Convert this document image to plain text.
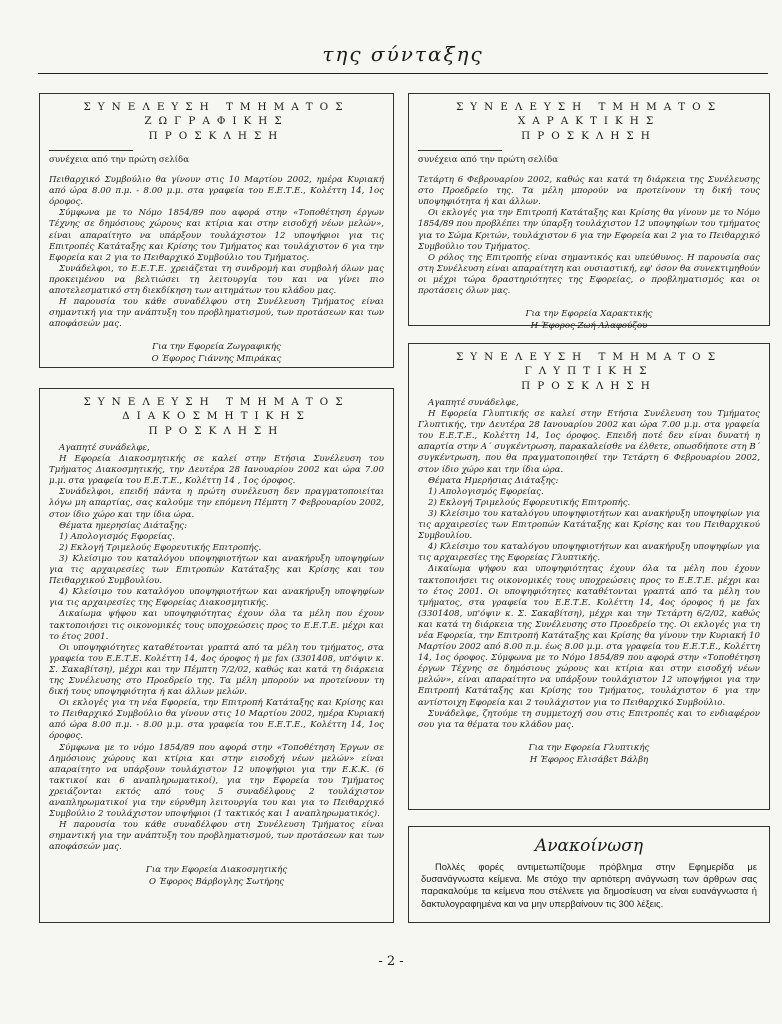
της σύνταξης
ΣΥΝΕΛΕΥΣΗ ΤΜΗΜΑΤΟΣ ΖΩΓΡΑΦΙΚΗΣ
ΠΡΟΣΚΛΗΣΗ
συνέχεια από την πρώτη σελίδα

Πειθαρχικό Συμβούλιο θα γίνουν στις 10 Μαρτίου 2002, ημέρα Κυριακή από ώρα 8.00 π.μ. - 8.00 μ.μ. στα γραφεία του Ε.Ε.Τ.Ε., Κολέττη 14, 1ος όροφος.

Σύμφωνα με το Νόμο 1854/89 που αφορά στην «Τοποθέτηση έργων Τέχνης σε δημόσιους χώρους και κτίρια και στην εισοδχή νέων μελών», είναι απαραίτητο να υπάρξουν τουλάχιστον 12 υποψήφιοι για τις Επιτροπές Κατάταξης και Κρίσης του Τμήματος και τουλάχιστον 6 για την Εφορεία και 2 για το Πειθαρχικό Συμβούλιο του Τμήματος.

Συνάδελφοι, το Ε.Ε.Τ.Ε. χρειάζεται τη συνδρομή και συμβολή όλων μας προκειμένου να βελτιώσει τη λειτουργία του και να γίνει πιο αποτελεσματικό στη διεκδίκηση των αιτημάτων του κλάδου μας.

Η παρουσία του κάθε συναδέλφου στη Συνέλευση Τμήματος είναι σημαντική για την ανάπτυξη του προβληματισμού, των προτάσεων και των αποφάσεών μας.

Για την Εφορεία Ζωγραφικής
Ο Έφορος Γιάννης Μπιράκας
ΣΥΝΕΛΕΥΣΗ ΤΜΗΜΑΤΟΣ ΧΑΡΑΚΤΙΚΗΣ
ΠΡΟΣΚΛΗΣΗ
συνέχεια από την πρώτη σελίδα

Τετάρτη 6 Φεβρουαρίου 2002, καθώς και κατά τη διάρκεια της Συνέλευσης στο Προεδρείο της. Τα μέλη μπορούν να προτείνουν τη δική τους υποψηφιότητα ή και άλλων.

Οι εκλογές για την Επιτροπή Κατάταξης και Κρίσης θα γίνουν με το Νόμο 1854/89 που προβλέπει την ύπαρξη τουλάχιστον 12 υποψηφίων του τμήματος για το Σώμα Κριτών, τουλάχιστον 6 για την Εφορεία και 2 για το Πειθαρχικό Συμβούλιο του Τμήματος.

Ο ρόλος της Επιτροπής είναι σημαντικός και υπεύθυνος. Η παρουσία σας στη Συνέλευση είναι απαραίτητη και ουσιαστική, εφ' όσον θα συνεκτιμηθούν οι μέχρι τώρα δραστηριότητες της Εφορείας, ο προβληματισμός και οι προτάσεις όλων μας.

Για την Εφορεία Χαρακτικής
Η Έφορος Ζωή Αλαφούζου
ΣΥΝΕΛΕΥΣΗ ΤΜΗΜΑΤΟΣ ΔΙΑΚΟΣΜΗΤΙΚΗΣ
ΠΡΟΣΚΛΗΣΗ

Αγαπητέ συνάδελφε,

Η Εφορεία Διακοσμητικής σε καλεί στην Ετήσια Συνέλευση του Τμήματος Διακοσμητικής, την Δευτέρα 28 Ιανουαρίου 2002 και ώρα 7.00 μ.μ. στα γραφεία του Ε.Ε.Τ.Ε., Κολέττη 14 , 1ος όροφος.

Συνάδελφοι, επειδή πάντα η πρώτη συνέλευση δεν πραγματοποιείται λόγω μη απαρτίας, σας καλούμε την επόμενη Πέμπτη 7 Φεβρουαρίου 2002, στον ίδιο χώρο και την ίδια ώρα.

Θέματα ημερησίας Διάταξης:

1) Απολογισμός Εφορείας.

2) Εκλογή Τριμελούς Εφορευτικής Επιτροπής.

3) Κλείσιμο του καταλόγου υποψηφιοτήτων και ανακήρυξη υποψηφίων για τις αρχαιρεσίες των Επιτροπών Κατάταξης και Κρίσης και του Πειθαρχικού Συμβουλίου.

4) Κλείσιμο του καταλόγου υποψηφιοτήτων και ανακήρυξη υποψηφίων για τις αρχαιρεσίες της Εφορείας Διακοσμητικής.

Δικαίωμα ψήφου και υποψηφιότητας έχουν όλα τα μέλη που έχουν τακτοποιήσει τις οικονομικές τους υποχρεώσεις προς το Ε.Ε.Τ.Ε. μέχρι και το έτος 2001.

Οι υποψηφιότητες καταθέτονται γραπτά από τα μέλη του τμήματος, στα γραφεία του Ε.Ε.Τ.Ε. Κολέττη 14, 4ος όροφος ή με fax (3301408, υπ'όψιν κ. Σ. Σακαβίτση), μέχρι και την Πέμπτη 7/2/02, καθώς και κατά τη διάρκεια της Συνέλευσης στο Προεδρείο της. Τα μέλη μπορούν να προτείνουν τη δική τους υποψηφιότητα ή και άλλων μελών.

Οι εκλογές για τη νέα Εφορεία, την Επιτροπή Κατάταξης και Κρίσης και το Πειθαρχικό Συμβούλιο θα γίνουν στις 10 Μαρτίου 2002, ημέρα Κυριακή από ώρα 8.00 π.μ. - 8.00 μ.μ. στα γραφεία του Ε.Ε.Τ.Ε., Κολέττη 14, 1ος όροφος.

Σύμφωνα με το νόμο 1854/89 που αφορά στην «Τοποθέτηση Έργων σε Δημόσιους χώρους και κτίρια και στην εισοδχή νέων μελών» είναι απαραίτητο να υπάρξουν τουλάχιστον 12 υποψήφιοι για την Ε.Κ.Κ. (6 τακτικοί και 6 αναπληρωματικοί), για την Εφορεία του Τμήματος χρειάζονται εκτός από τους 5 συναδέλφους 2 τουλάχιστον αναπληρωματικοί για την εύρυθμη λειτουργία του και για το Πειθαρχικό Συμβούλιο 2 τουλάχιστον υποψήφιοι (1 τακτικός και 1 αναπληρωματικός).

Η παρουσία του κάθε συναδέλφου στη Συνέλευση Τμήματος είναι σημαντική για την ανάπτυξη του προβληματισμού, των προτάσεων και των αποφάσεών μας.

Για την Εφορεία Διακοσμητικής
Ο Έφορος Βάρβογλης Σωτήρης
ΣΥΝΕΛΕΥΣΗ ΤΜΗΜΑΤΟΣ ΓΛΥΠΤΙΚΗΣ
ΠΡΟΣΚΛΗΣΗ

Αγαπητέ συνάδελφε,

Η Εφορεία Γλυπτικής σε καλεί στην Ετήσια Συνέλευση του Τμήματος Γλυπτικής, την Δευτέρα 28 Ιανουαρίου 2002 και ώρα 7.00 μ.μ. στα γραφεία του Ε.Ε.Τ.Ε., Κολέττη 14, 1ος όροφος. Επειδή ποτέ δεν είναι δυνατή η απαρτία στην Α΄ συγκέντρωση, παρακαλείσθε να έλθετε, οπωσδήποτε στη Β΄ συγκέντρωση, που θα πραγματοποιηθεί την Τετάρτη 6 Φεβρουαρίου 2002, στον ίδιο χώρο και την ίδια ώρα.

Θέματα Ημερήσιας Διάταξης:

1) Απολογισμός Εφορείας.

2) Εκλογή Τριμελούς Εφορευτικής Επιτροπής.

3) Κλείσιμο του καταλόγου υποψηφιοτήτων και ανακήρυξη υποψηφίων για τις αρχαιρεσίες των Επιτροπών Κατάταξης και Κρίσης και του Πειθαρχικού Συμβουλίου.

4) Κλείσιμο του καταλόγου υποψηφιοτήτων και ανακήρυξη υποψηφίων για τις αρχαιρεσίες της Εφορείας Γλυπτικής.

Δικαίωμα ψήφου και υποψηφιότητας έχουν όλα τα μέλη που έχουν τακτοποιήσει τις οικονομικές τους υποχρεώσεις προς το Ε.Ε.Τ.Ε. μέχρι και το έτος 2001. Οι υποψηφιότητες καταθέτονται γραπτά από τα μέλη του τμήματος, στα γραφεία του Ε.Ε.Τ.Ε. Κολέττη 14, 4ος όροφος ή με fax (3301408, υπ'όψιν κ. Σ. Σακαβίτση), μέχρι και την Τετάρτη 6/2/02, καθώς και κατά τη διάρκεια της Συνέλευσης στο Προεδρείο της. Οι εκλογές για τη νέα Εφορεία, την Επιτροπή Κατάταξης και Κρίσης θα γίνουν την Κυριακή 10 Μαρτίου 2002 από 8.00 π.μ. έως 8.00 μ.μ. στα γραφεία του Ε.Ε.Τ.Ε., Κολέττη 14, 1ος όροφος. Σύμφωνα με το Νόμο 1854/89 που αφορά στην «Τοποθέτηση έργων Τέχνης σε δημόσιους χώρους και κτίρια και στην εισοδχή νέων μελών», είναι απαραίτητο να υπάρξουν τουλάχιστον 12 υποψήφιοι για την Επιτροπή Κατάταξης και Κρίσης του Τμήματος, τουλάχιστον 6 για την αντίστοιχη Εφορεία και 2 τουλάχιστον για το Πειθαρχικό Συμβούλιο.

Συνάδελφε, ζητούμε τη συμμετοχή σου στις Επιτροπές και το ενδιαφέρον σου για τα θέματα του κλάδου μας.

Για την Εφορεία Γλυπτικής
Η Έφορος Ελισάβετ Βάλβη
Ανακοίνωση

Πολλές φορές αντιμετωπίζουμε πρόβλημα στην Εφημερίδα με δυσανάγνωστα κείμενα. Με στόχο την αρτιότερη ανάγνωση των άρθρων σας παρακαλούμε τα κείμενα που στέλνετε για δημοσίευση να είναι ευανάγνωστα ή δακτυλογραφημένα και να μην υπερβαίνουν τις 300 λέξεις.

- 2 -
